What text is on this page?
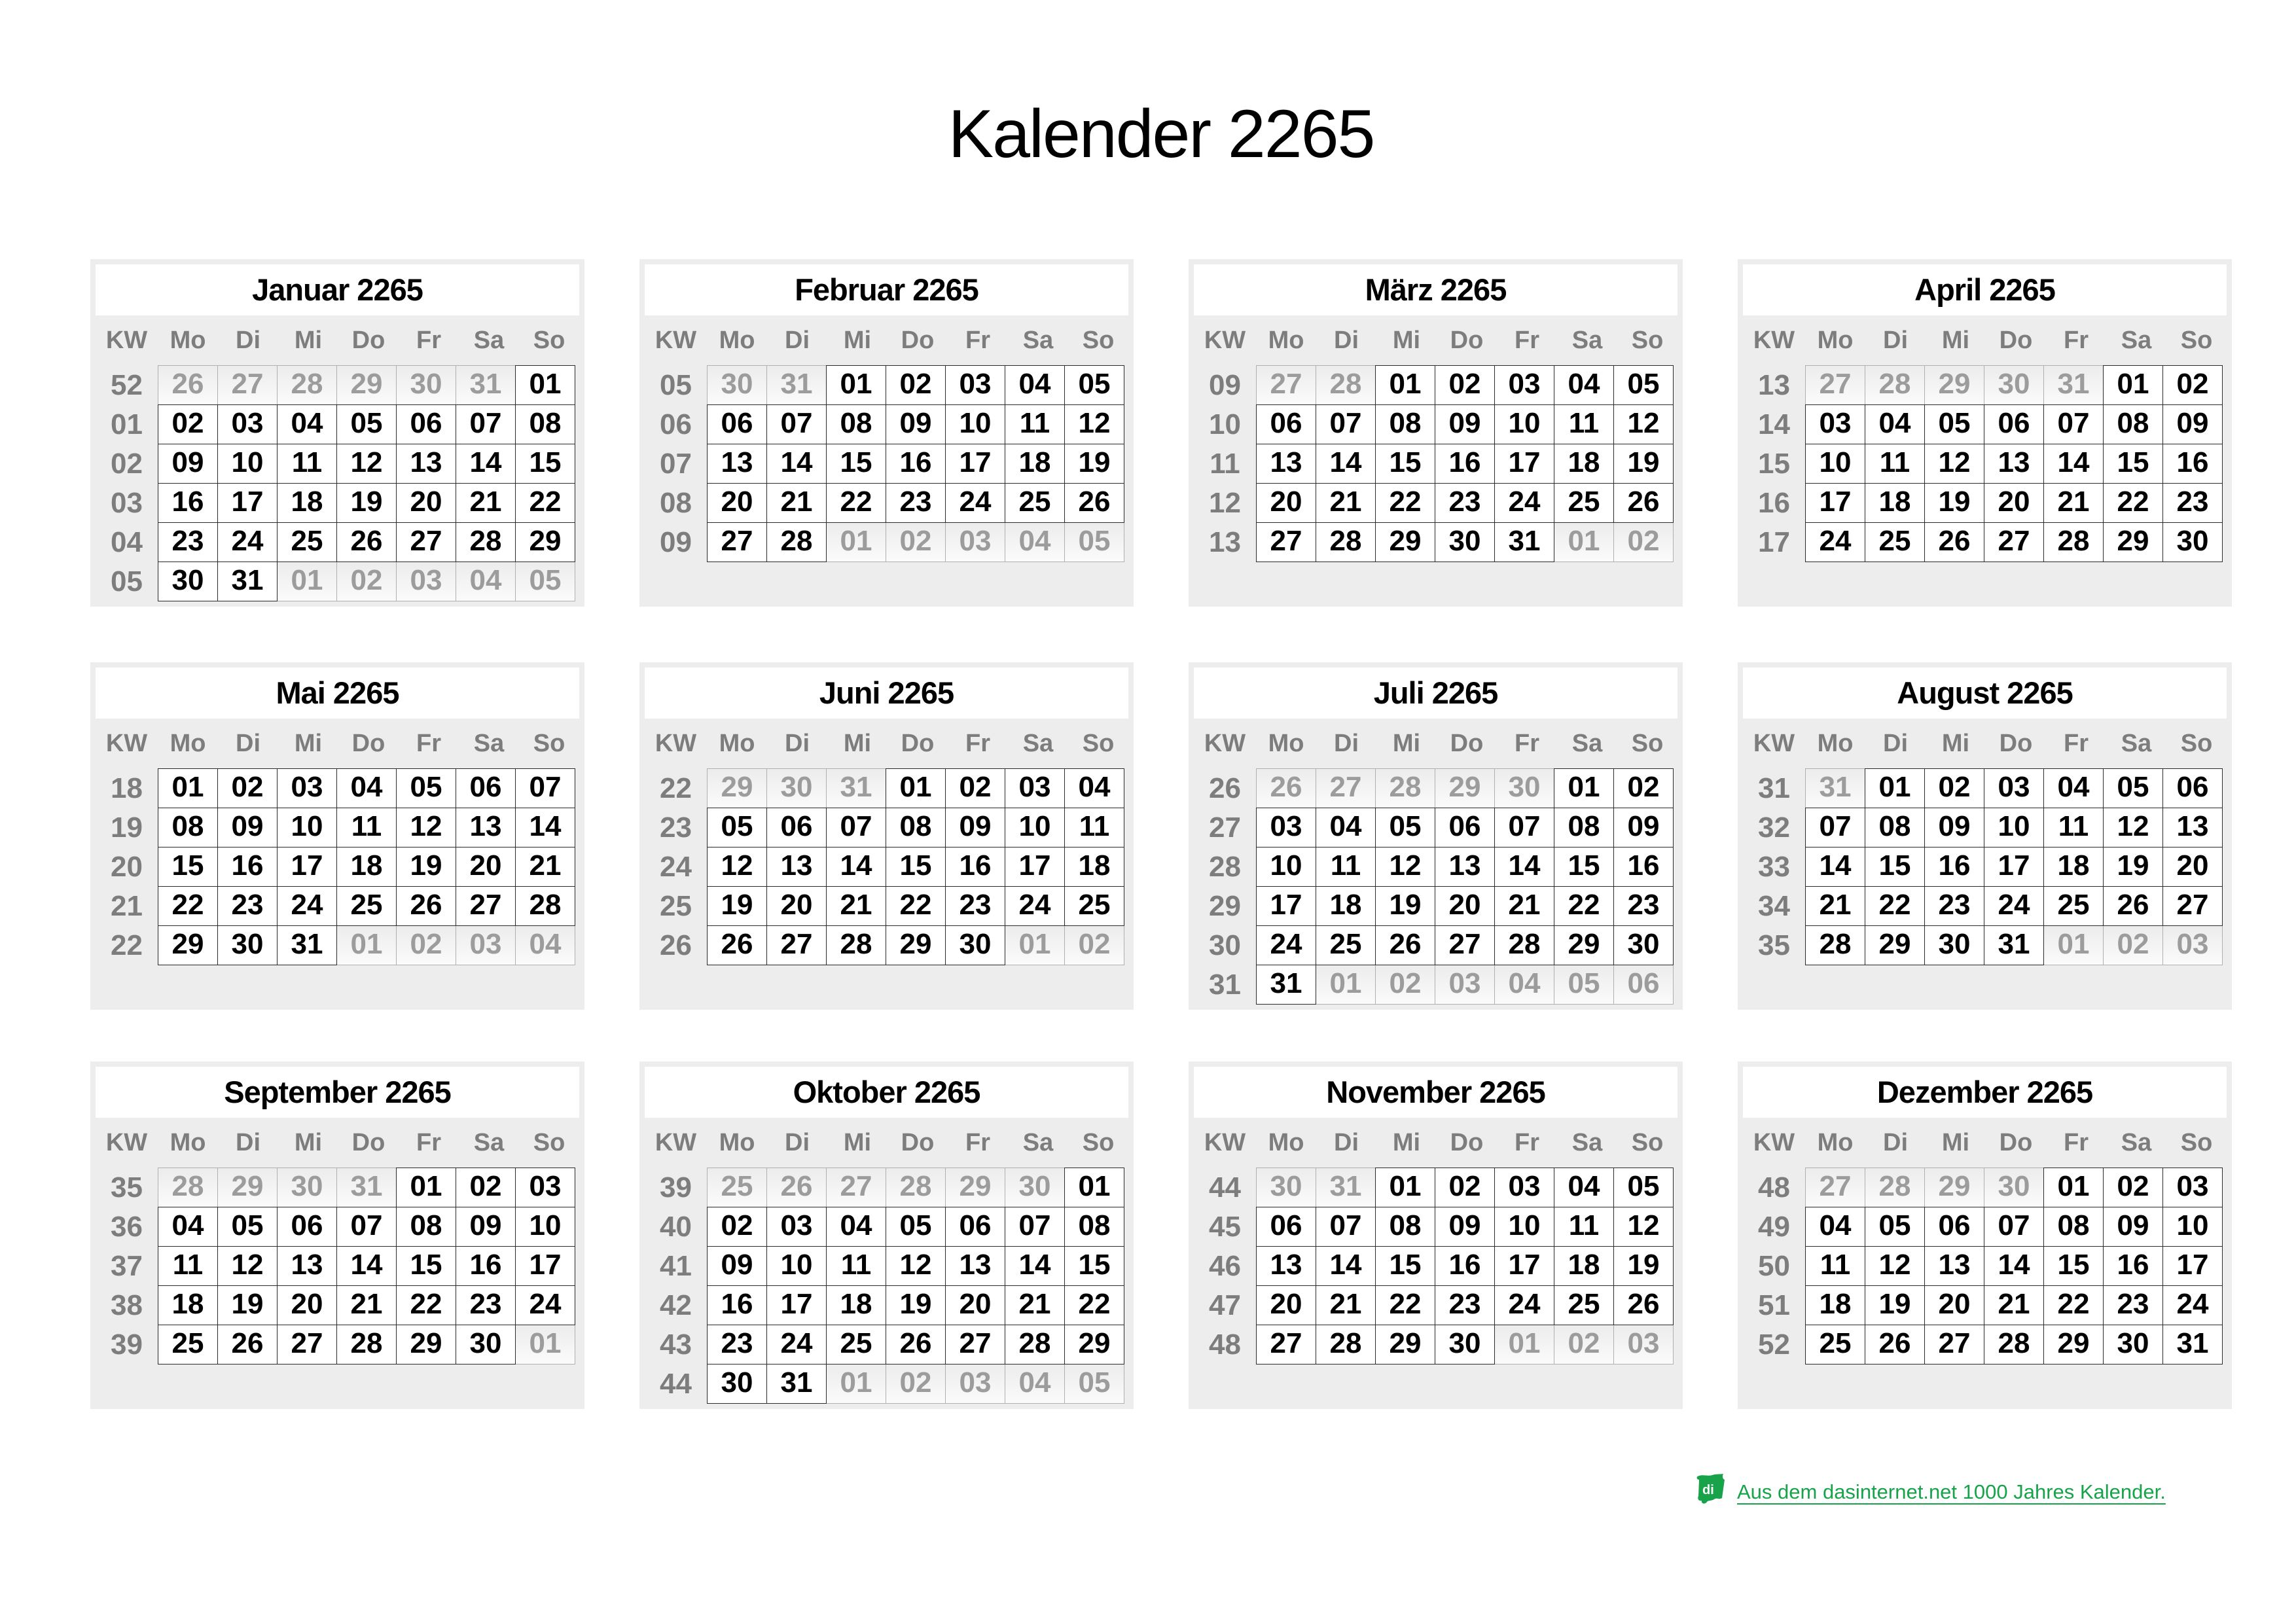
Kalender 2265
Januar 2265
KW Mo	Di	Mi	Do	Fr	Sa	So
52	26 27 28 29 30 31 01
01	02 03 04 05 06 07 08
02	09 10 11 12 13 14 15
03	16 17 18 19 20 21 22
04	23 24 25 26 27 28 29
05	30 31 01 02 03 04 05
Februar 2265
KW Mo	Di	Mi	Do	Fr	Sa	So
05	30 31 01 02 03 04 05
06	06 07 08 09 10 11 12
07	13 14 15 16 17 18 19
08	20 21 22 23 24 25 26
09	27 28 01 02 03 04 05
März 2265
KW Mo	Di	Mi	Do	Fr	Sa	So
09	27 28 01 02 03 04 05
10	06 07 08 09 10 11 12
11	13 14 15 16 17 18 19
12	20 21 22 23 24 25 26
13	27 28 29 30 31 01 02
April 2265
KW Mo	Di	Mi	Do	Fr	Sa	So
13	27 28 29 30 31 01 02
14	03 04 05 06 07 08 09
15	10 11 12 13 14 15 16
16	17 18 19 20 21 22 23
17	24 25 26 27 28 29 30
Mai 2265
KW Mo	Di	Mi	Do	Fr	Sa	So
18	01 02 03 04 05 06 07
19	08 09 10 11 12 13 14
20	15 16 17 18 19 20 21
21	22 23 24 25 26 27 28
22	29 30 31 01 02 03 04
Juni 2265
KW Mo	Di	Mi	Do	Fr	Sa	So
22	29 30 31 01 02 03 04
23	05 06 07 08 09 10 11
24	12 13 14 15 16 17 18
25	19 20 21 22 23 24 25
26	26 27 28 29 30 01 02
Juli 2265
KW Mo	Di	Mi	Do	Fr	Sa	So
26	26 27 28 29 30 01 02
27	03 04 05 06 07 08 09
28	10 11 12 13 14 15 16
29	17 18 19 20 21 22 23
30	24 25 26 27 28 29 30
31	31 01 02 03 04 05 06
August 2265
KW Mo	Di	Mi	Do	Fr	Sa	So
31	31 01 02 03 04 05 06
32	07 08 09 10 11 12 13
33	14 15 16 17 18 19 20
34	21 22 23 24 25 26 27
35	28 29 30 31 01 02 03
September 2265
KW Mo	Di	Mi	Do	Fr	Sa	So
35	28 29 30 31 01 02 03
36	04 05 06 07 08 09 10
37	11 12 13 14 15 16 17
38	18 19 20 21 22 23 24
39	25 26 27 28 29 30 01
Oktober 2265
KW Mo	Di	Mi	Do	Fr	Sa	So
39	25 26 27 28 29 30 01
40	02 03 04 05 06 07 08
41	09 10 11 12 13 14 15
42	16 17 18 19 20 21 22
43	23 24 25 26 27 28 29
44	30 31 01 02 03 04 05
November 2265
KW Mo	Di	Mi	Do	Fr	Sa	So
44	30 31 01 02 03 04 05
45	06 07 08 09 10 11 12
46	13 14 15 16 17 18 19
47	20 21 22 23 24 25 26
48	27 28 29 30 01 02 03
Dezember 2265
KW Mo	Di	Mi	Do	Fr	Sa	So
48	27 28 29 30 01 02 03
49	04 05 06 07 08 09 10
50	11 12 13 14 15 16 17
51	18 19 20 21 22 23 24
52	25 26 27 28 29 30 31
di Aus dem dasinternet.net 1000 Jahres Kalender.
